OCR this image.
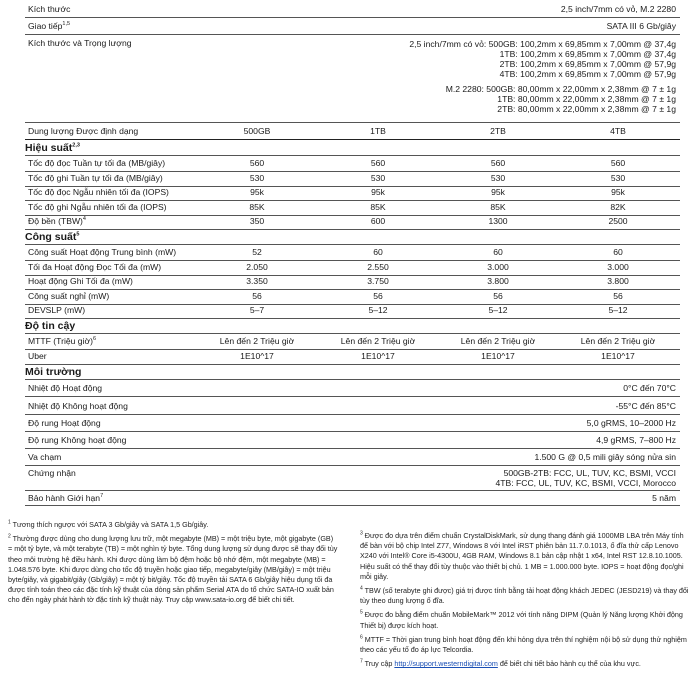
Kích thước	2,5 inch/7mm có vỏ, M.2 2280
Giao tiếp$^{1,5}$	SATA III 6 Gb/giây
Kích thước và Trọng lượng	2,5 inch/7mm có vỏ: 500GB: 100,2mm x 69,85mm x 7,00mm @ 37,4g
1TB: 100,2mm x 69,85mm x 7,00mm @ 37,4g
2TB: 100,2mm x 69,85mm x 7,00mm @ 57,9g
4TB: 100,2mm x 69,85mm x 7,00mm @ 57,9g
M.2 2280: 500GB: 80,00mm x 22,00mm x 2,38mm @ 7 ± 1g
1TB: 80,00mm x 22,00mm x 2,38mm @ 7 ± 1g
2TB: 80,00mm x 22,00mm x 2,38mm @ 7 ± 1g
Dung lượng Được định dạng	500GB	1TB	2TB	4TB
Hiệu suất$^{2,3}$
Tốc độ đọc Tuần tự tối đa (MB/giây)	560	560	560	560
Tốc độ ghi Tuần tự tối đa (MB/giây)	530	530	530	530
Tốc độ đọc Ngẫu nhiên tối đa (IOPS)	95k	95k	95k	95k
Tốc độ ghi Ngẫu nhiên tối đa (IOPS)	85K	85K	85K	82K
Độ bền (TBW)$^4$	350	600	1300	2500
Công suất$^5$
Công suất Hoạt động Trung bình (mW)	52	60	60	60
Tối đa Hoạt động Đọc Tối đa (mW)	2.050	2.550	3.000	3.000
Hoạt động Ghi Tối đa (mW)	3.350	3.750	3.800	3.800
Công suất nghỉ (mW)	56	56	56	56
DEVSLP (mW)	5–7	5–12	5–12	5–12
Độ tin cậy
MTTF (Triệu giờ)$^6$	Lên đến 2 Triệu giờ	Lên đến 2 Triệu giờ	Lên đến 2 Triệu giờ	Lên đến 2 Triệu giờ
Uber	1E10^17	1E10^17	1E10^17	1E10^17
Môi trường
Nhiệt độ Hoạt động	0°C đến 70°C
Nhiệt độ Không hoạt động	-55°C đến 85°C
Độ rung Hoạt động	5,0 gRMS, 10–2000 Hz
Độ rung Không hoạt động	4,9 gRMS, 7–800 Hz
Va chạm	1.500 G @ 0,5 mili giây sóng nửa sin
Chứng nhận	500GB-2TB: FCC, UL, TUV, KC, BSMI, VCCI
4TB: FCC, UL, TUV, KC, BSMI, VCCI, Morocco
Bảo hành Giới hạn$^7$	5 năm
$^1$ Tương thích ngược với SATA 3 Gb/giây và SATA 1,5 Gb/giây.
$^2$ Thường được dùng cho dung lượng lưu trữ, một megabyte (MB) = một triệu byte, một gigabyte (GB) = một tỷ byte, và một terabyte (TB) = một nghìn tỷ byte. Tổng dung lượng sử dụng được sẽ thay đổi tùy theo môi trường hệ điều hành. Khi được dùng làm bộ đệm hoặc bộ nhớ đệm, một megabyte (MB) = 1.048.576 byte. Khi được dùng cho tốc độ truyền hoặc giao tiếp, megabyte/giây (MB/giây) = một triệu byte/giây, và gigabit/giây (Gb/giây) = một tỷ bit/giây. Tốc độ truyền tải SATA 6 Gb/giây hiệu dụng tối đa được tính toán theo các đặc tính kỹ thuật của dòng sản phẩm Serial ATA do tổ chức SATA-IO xuất bản cho đến ngày phát hành tờ đặc tính kỹ thuật này. Truy cập www.sata-io.org để biết chi tiết.
$^3$ Được đo dựa trên điểm chuẩn CrystalDiskMark, sử dụng thang đánh giá 1000MB LBA trên Máy tính để bàn với bộ chip Intel Z77, Windows 8 với Intel iRST phiên bản 11.7.0.1013, ổ đĩa thử cấp Lenovo X240 với Intel® Core i5-4300U, 4GB RAM, Windows 8.1 bản cập nhật 1 x64, Intel RST 12.8.10.1005. Hiệu suất có thể thay đổi tùy thuộc vào thiết bị chủ. 1 MB = 1.000.000 byte. IOPS = hoạt động đọc/ghi mỗi giây.
$^4$ TBW (số terabyte ghi được) giá trị được tính bằng tải hoạt động khách JEDEC (JESD219) và thay đổi tùy theo dung lượng ổ đĩa.
$^5$ Được đo bằng điểm chuẩn MobileMark™ 2012 với tính năng DIPM (Quản lý Năng lượng Khởi động Thiết bị) được kích hoạt.
$^6$ MTTF = Thời gian trung bình hoạt động đến khi hỏng dựa trên thí nghiệm nội bộ sử dụng thử nghiệm theo các yếu tố đo áp lực Telcordia.
$^7$ Truy cập http://support.westerndigital.com để biết chi tiết bảo hành cụ thể của khu vực.
